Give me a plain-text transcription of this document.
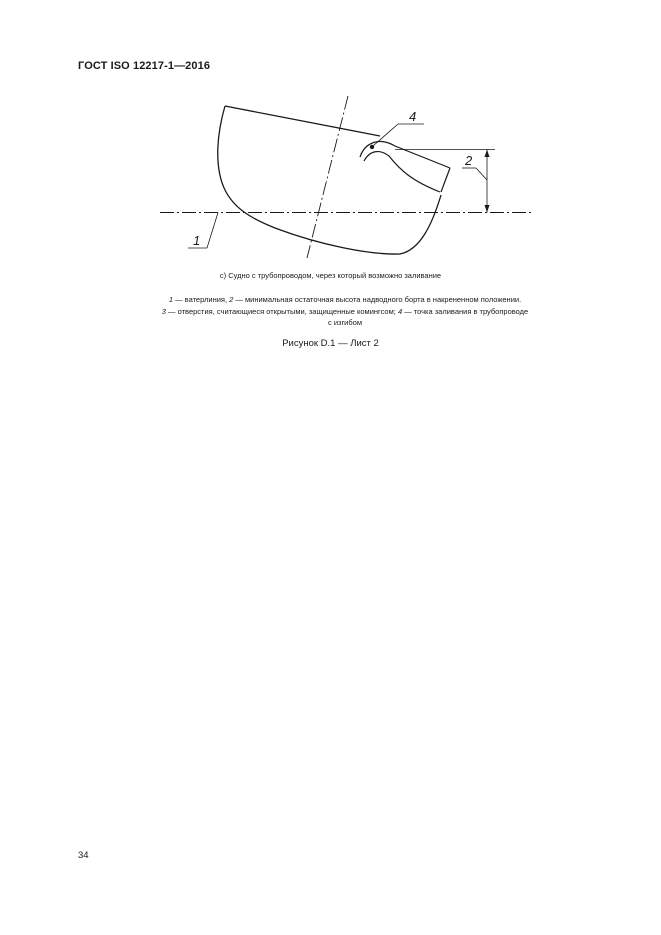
ГОСТ ISO 12217-1—2016
1
2
4
c) Судно с трубопроводом, через который возможно заливание
1 — ватерлиния, 2 — минимальная остаточная высота надводного борта в накрененном положении.
3 — отверстия, считающиеся открытыми, защищенные комингсом; 4 — точка заливания в трубопроводе
с изгибом
Рисунок D.1 — Лист 2
34
